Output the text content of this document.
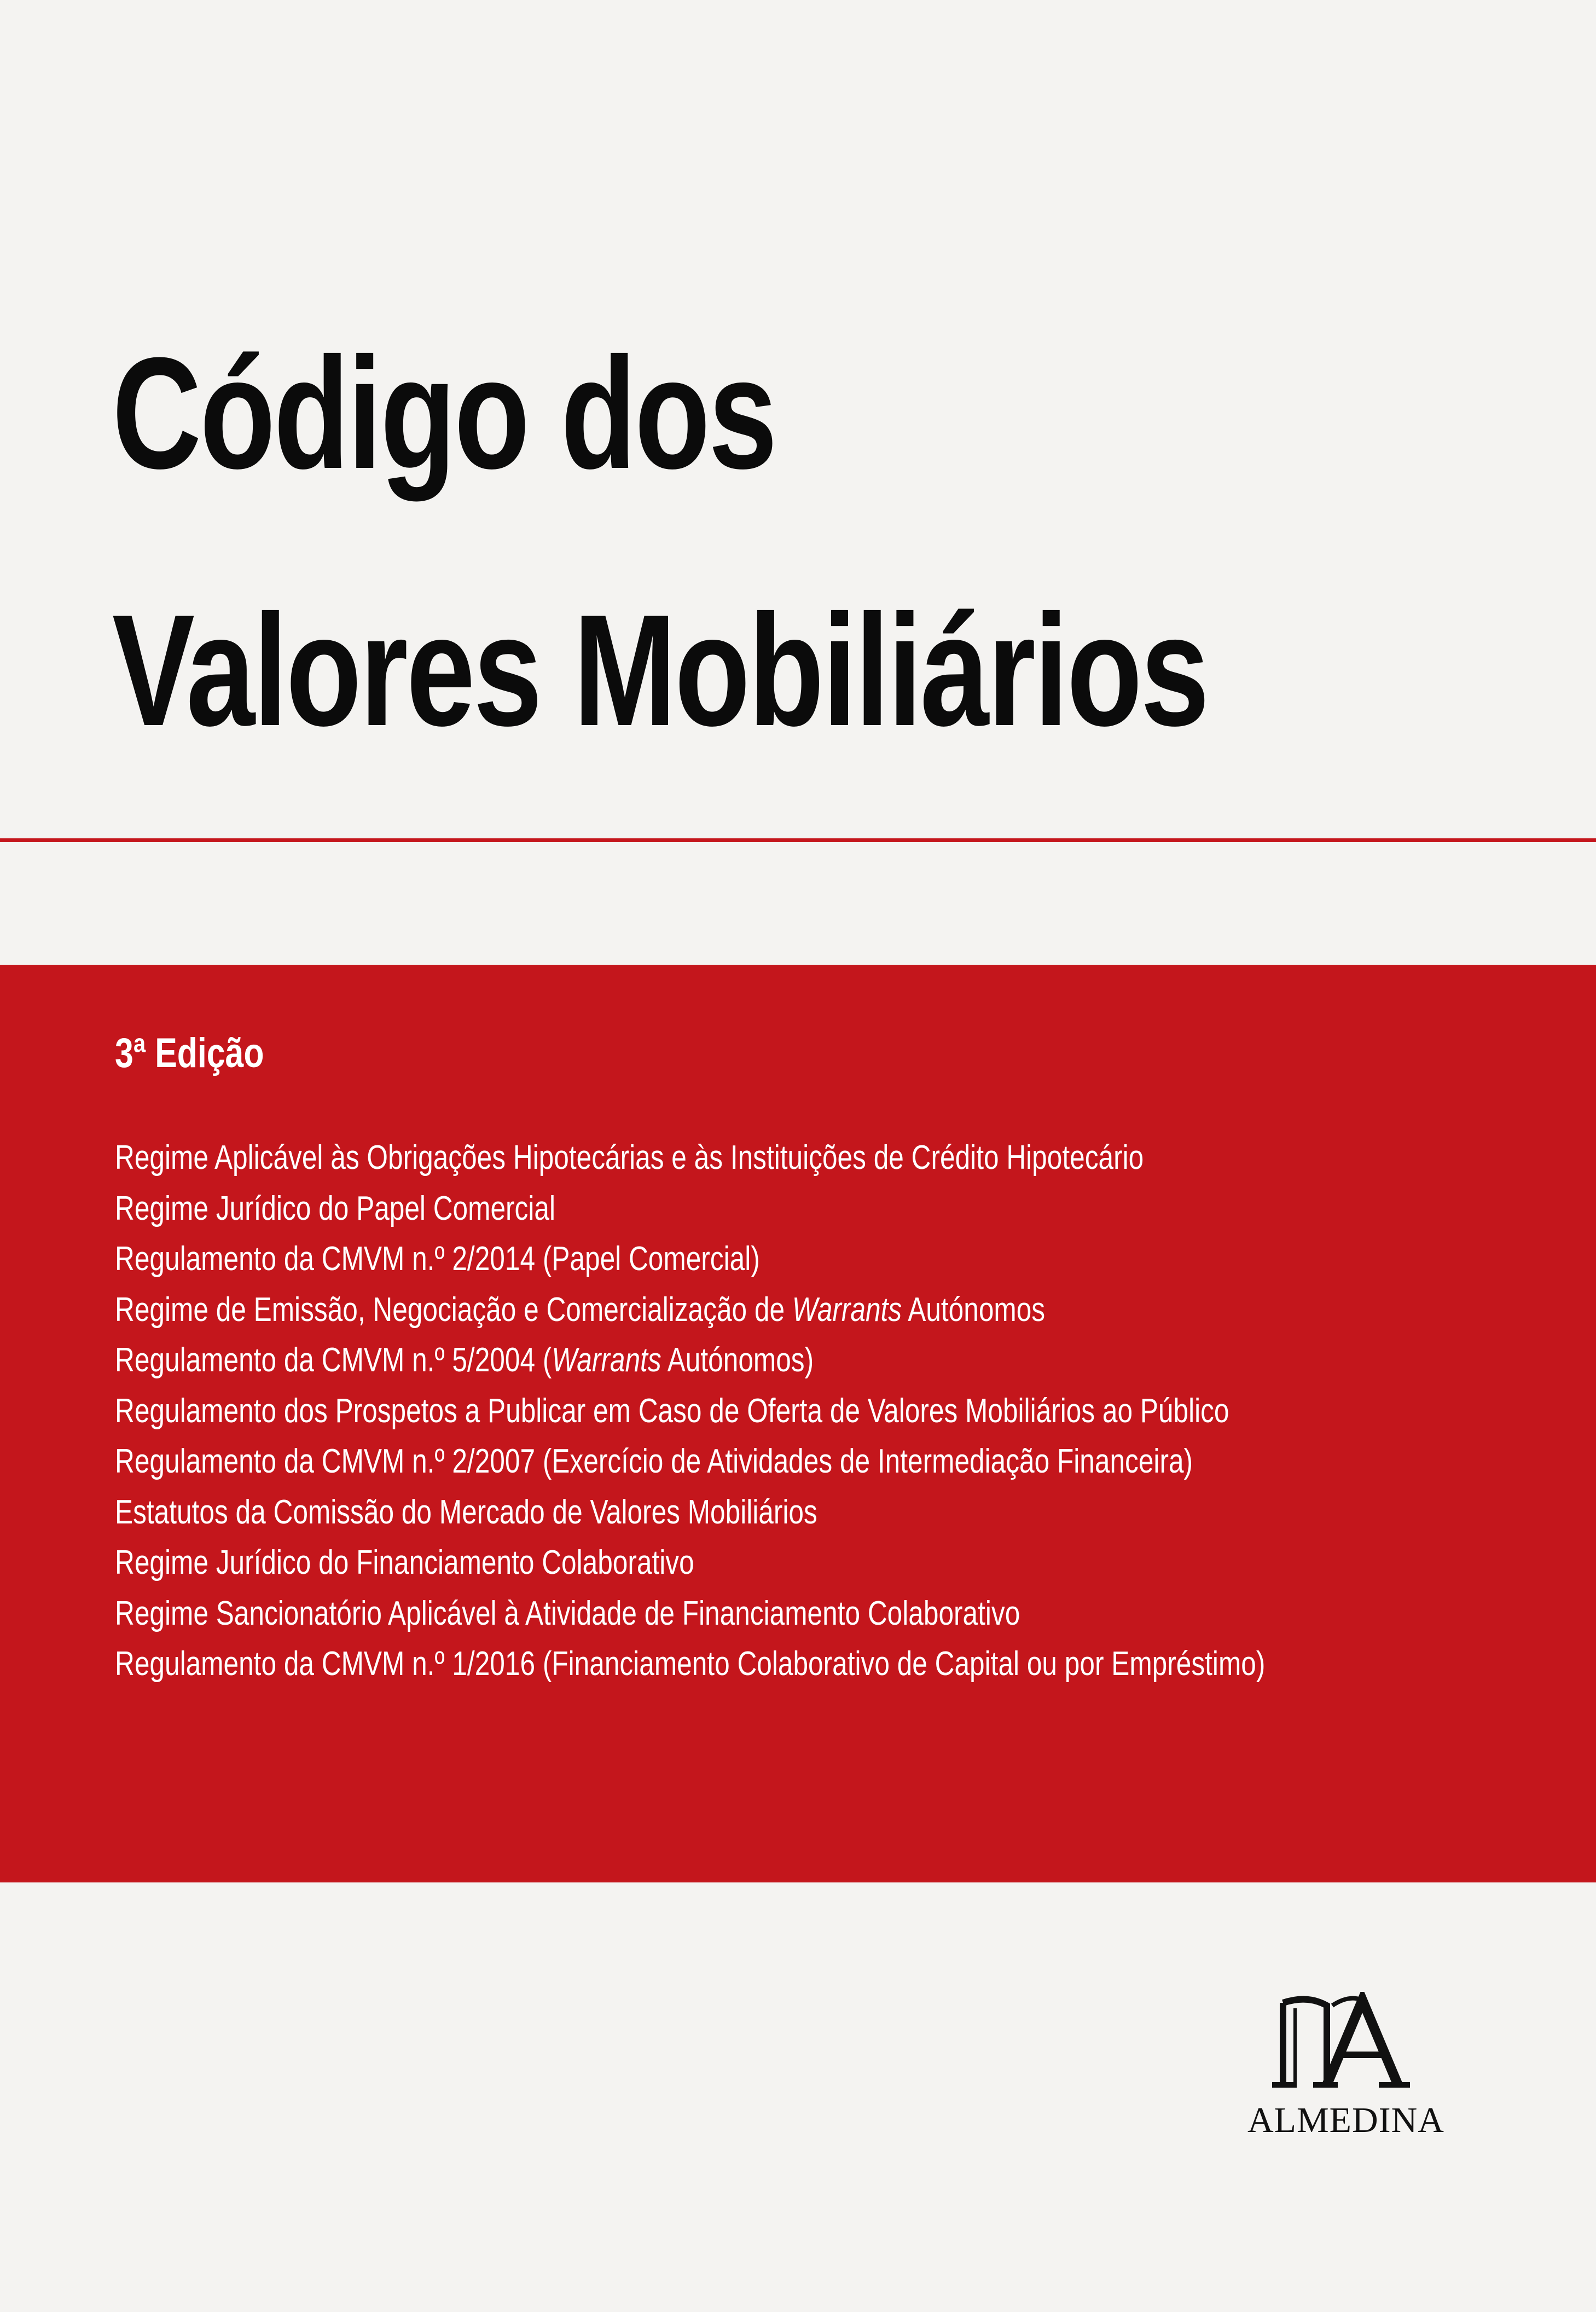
Código dos
Valores Mobiliários
3ª Edição
Regime Aplicável às Obrigações Hipotecárias e às Instituições de Crédito Hipotecário
Regime Jurídico do Papel Comercial
Regulamento da CMVM n.º 2/2014 (Papel Comercial)
Regime de Emissão, Negociação e Comercialização de Warrants Autónomos
Regulamento da CMVM n.º 5/2004 (Warrants Autónomos)
Regulamento dos Prospetos a Publicar em Caso de Oferta de Valores Mobiliários ao Público
Regulamento da CMVM n.º 2/2007 (Exercício de Atividades de Intermediação Financeira)
Estatutos da Comissão do Mercado de Valores Mobiliários
Regime Jurídico do Financiamento Colaborativo
Regime Sancionatório Aplicável à Atividade de Financiamento Colaborativo
Regulamento da CMVM n.º 1/2016 (Financiamento Colaborativo de Capital ou por Empréstimo)
ALMEDINA
